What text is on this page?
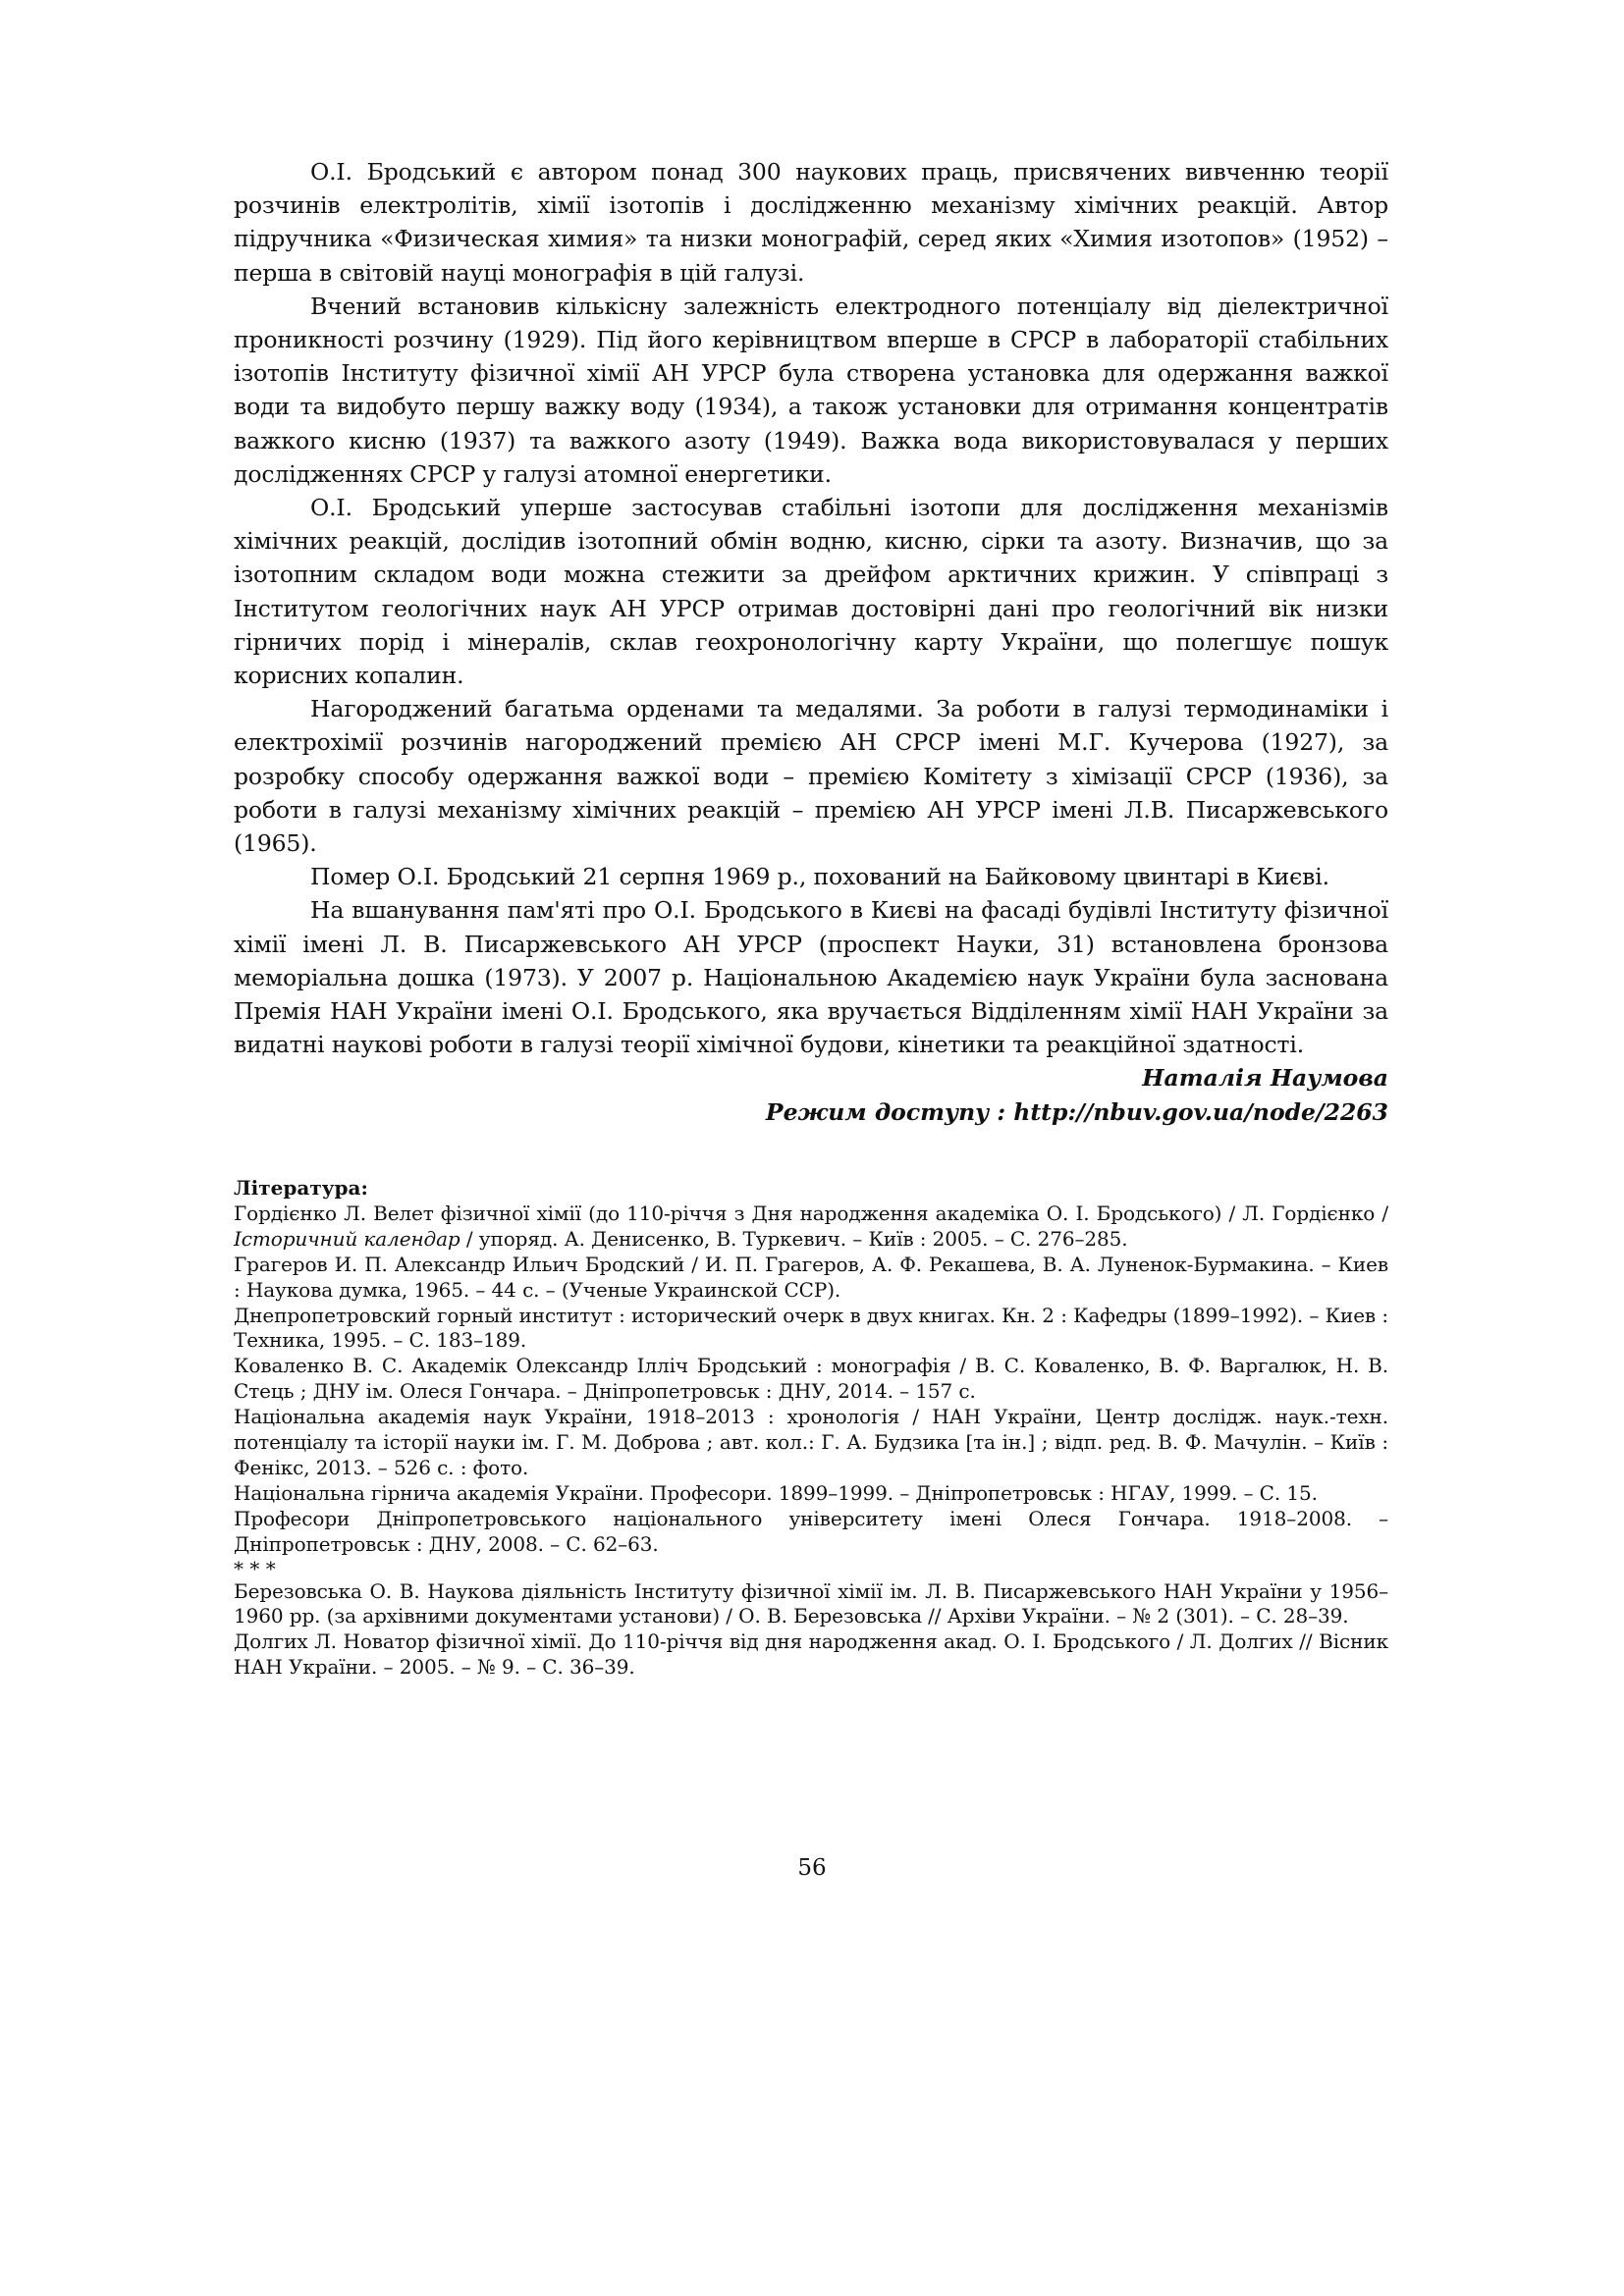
О.І. Бродський є автором понад 300 наукових праць, присвячених вивченню теорії розчинів електролітів, хімії ізотопів і дослідженню механізму хімічних реакцій. Автор підручника «Физическая химия» та низки монографій, серед яких «Химия изотопов» (1952) – перша в світовій науці монографія в цій галузі.

Вчений встановив кількісну залежність електродного потенціалу від діелектричної проникності розчину (1929). Під його керівництвом вперше в СРСР в лабораторії стабільних ізотопів Інституту фізичної хімії АН УРСР була створена установка для одержання важкої води та видобуто першу важку воду (1934), а також установки для отримання концентратів важкого кисню (1937) та важкого азоту (1949). Важка вода використовувалася у перших дослідженнях СРСР у галузі атомної енергетики.

О.І. Бродський уперше застосував стабільні ізотопи для дослідження механізмів хімічних реакцій, дослідив ізотопний обмін водню, кисню, сірки та азоту. Визначив, що за ізотопним складом води можна стежити за дрейфом арктичних крижин. У співпраці з Інститутом геологічних наук АН УРСР отримав достовірні дані про геологічний вік низки гірничих порід і мінералів, склав геохронологічну карту України, що полегшує пошук корисних копалин.

Нагороджений багатьма орденами та медалями. За роботи в галузі термодинаміки і електрохімії розчинів нагороджений премією АН СРСР імені М.Г. Кучерова (1927), за розробку способу одержання важкої води – премією Комітету з хімізації СРСР (1936), за роботи в галузі механізму хімічних реакцій – премією АН УРСР імені Л.В. Писаржевського (1965).

Помер О.І. Бродський 21 серпня 1969 р., похований на Байковому цвинтарі в Києві.

На вшанування пам'яті про О.І. Бродського в Києві на фасаді будівлі Інституту фізичної хімії імені Л. В. Писаржевського АН УРСР (проспект Науки, 31) встановлена бронзова меморіальна дошка (1973). У 2007 р. Національною Академією наук України була заснована Премія НАН України імені О.І. Бродського, яка вручається Відділенням хімії НАН України за видатні наукові роботи в галузі теорії хімічної будови, кінетики та реакційної здатності.

Наталія Наумова
Режим доступу : http://nbuv.gov.ua/node/2263
Література:

Гордієнко Л. Велет фізичної хімії (до 110-річчя з Дня народження академіка О. І. Бродського) / Л. Гордієнко / Історичний календар / упоряд. А. Денисенко, В. Туркевич. – Київ : 2005. – С. 276–285.

Грагеров И. П. Александр Ильич Бродский / И. П. Грагеров, А. Ф. Рекашева, В. А. Луненок-Бурмакина. – Киев : Наукова думка, 1965. – 44 с. – (Ученые Украинской ССР).

Днепропетровский горный институт : исторический очерк в двух книгах. Кн. 2 : Кафедры (1899–1992). – Киев : Техника, 1995. – С. 183–189.

Коваленко В. С. Академік Олександр Ілліч Бродський : монографія / В. С. Коваленко, В. Ф. Варгалюк, Н. В. Стець ; ДНУ ім. Олеся Гончара. – Дніпропетровськ : ДНУ, 2014. – 157 с.

Національна академія наук України, 1918–2013 : хронологія / НАН України, Центр дослідж. наук.-техн. потенціалу та історії науки ім. Г. М. Доброва ; авт. кол.: Г. А. Будзика [та ін.] ; відп. ред. В. Ф. Мачулін. – Київ : Фенікс, 2013. – 526 с. : фото.

Національна гірнича академія України. Професори. 1899–1999. – Дніпропетровськ : НГАУ, 1999. – С. 15.

Професори Дніпропетровського національного університету імені Олеся Гончара. 1918–2008. – Дніпропетровськ : ДНУ, 2008. – С. 62–63.

* * *

Березовська О. В. Наукова діяльність Інституту фізичної хімії ім. Л. В. Писаржевського НАН України у 1956–1960 рр. (за архівними документами установи) / О. В. Березовська // Архіви України. – № 2 (301). – С. 28–39.

Долгих Л. Новатор фізичної хімії. До 110-річчя від дня народження акад. О. І. Бродського / Л. Долгих // Вісник НАН України. – 2005. – № 9. – С. 36–39.

56
